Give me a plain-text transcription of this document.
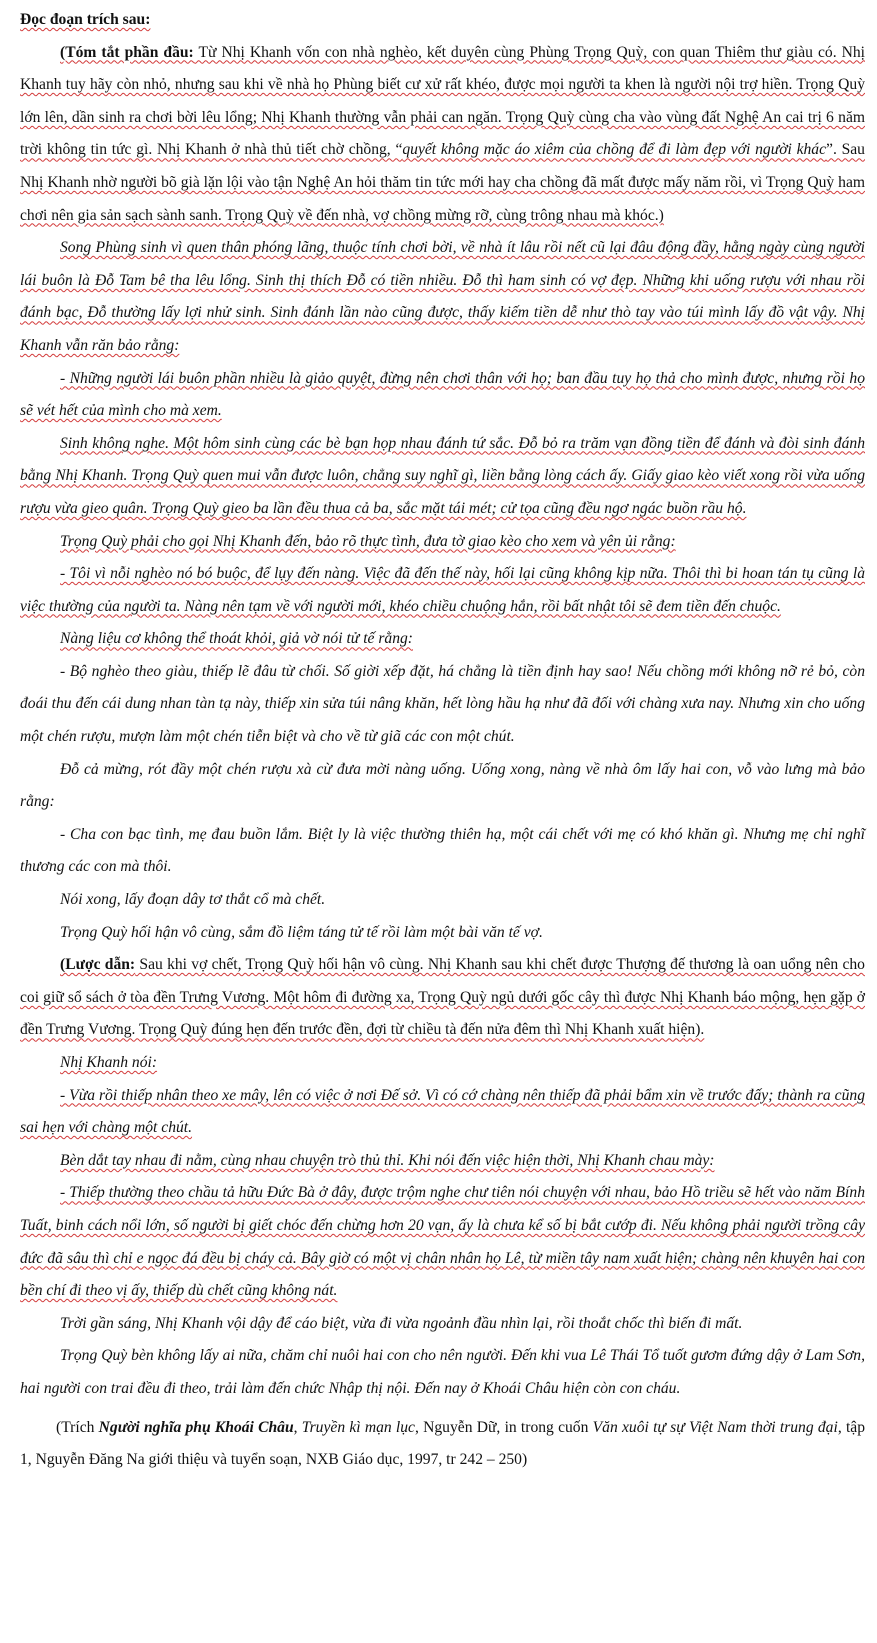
Đọc đoạn trích sau:

(Tóm tắt phần đầu: Từ Nhị Khanh vốn con nhà nghèo, kết duyên cùng Phùng Trọng Quỳ, con quan Thiêm thư giàu có. Nhị Khanh tuy hãy còn nhỏ, nhưng sau khi về nhà họ Phùng biết cư xử rất khéo, được mọi người ta khen là người nội trợ hiền. Trọng Quỳ lớn lên, dần sinh ra chơi bời lêu lổng; Nhị Khanh thường vẫn phải can ngăn. Trọng Quỳ cùng cha vào vùng đất Nghệ An cai trị 6 năm trời không tin tức gì. Nhị Khanh ở nhà thủ tiết chờ chồng, “quyết không mặc áo xiêm của chồng để đi làm đẹp với người khác”. Sau Nhị Khanh nhờ người bõ già lặn lội vào tận Nghệ An hỏi thăm tin tức mới hay cha chồng đã mất được mấy năm rồi, vì Trọng Quỳ ham chơi nên gia sản sạch sành sanh. Trọng Quỳ về đến nhà, vợ chồng mừng rỡ, cùng trông nhau mà khóc.)

Song Phùng sinh vì quen thân phóng lãng, thuộc tính chơi bời, về nhà ít lâu rồi nết cũ lại đâu động đầy, hằng ngày cùng người lái buôn là Đỗ Tam bê tha lêu lổng. Sinh thị thích Đỗ có tiền nhiều. Đỗ thì ham sinh có vợ đẹp. Những khi uống rượu với nhau rồi đánh bạc, Đỗ thường lấy lợi nhử sinh. Sinh đánh lần nào cũng được, thấy kiếm tiền dễ như thò tay vào túi mình lấy đồ vật vậy. Nhị Khanh vẫn răn bảo rằng:

- Những người lái buôn phần nhiều là giảo quyệt, đừng nên chơi thân với họ; ban đầu tuy họ thả cho mình được, nhưng rồi họ sẽ vét hết của mình cho mà xem.

Sinh không nghe. Một hôm sinh cùng các bè bạn họp nhau đánh tứ sắc. Đỗ bỏ ra trăm vạn đồng tiền để đánh và đòi sinh đánh bằng Nhị Khanh. Trọng Quỳ quen mui vẫn được luôn, chẳng suy nghĩ gì, liền bằng lòng cách ấy. Giấy giao kèo viết xong rồi vừa uống rượu vừa gieo quân. Trọng Quỳ gieo ba lần đều thua cả ba, sắc mặt tái mét; cử tọa cũng đều ngơ ngác buồn rầu hộ.

Trọng Quỳ phải cho gọi Nhị Khanh đến, bảo rõ thực tình, đưa tờ giao kèo cho xem và yên ủi rằng:

- Tôi vì nỗi nghèo nó bó buộc, để lụy đến nàng. Việc đã đến thế này, hối lại cũng không kịp nữa. Thôi thì bi hoan tán tụ cũng là việc thường của người ta. Nàng nên tạm về với người mới, khéo chiều chuộng hắn, rồi bất nhật tôi sẽ đem tiền đến chuộc.

Nàng liệu cơ không thể thoát khỏi, giả vờ nói tử tế rằng:

- Bộ nghèo theo giàu, thiếp lẽ đâu từ chối. Số giời xếp đặt, há chẳng là tiền định hay sao! Nếu chồng mới không nỡ rẻ bỏ, còn đoái thu đến cái dung nhan tàn tạ này, thiếp xin sửa túi nâng khăn, hết lòng hầu hạ như đã đối với chàng xưa nay. Nhưng xin cho uống một chén rượu, mượn làm một chén tiễn biệt và cho về từ giã các con một chút.

Đỗ cả mừng, rót đầy một chén rượu xà cừ đưa mời nàng uống. Uống xong, nàng về nhà ôm lấy hai con, vỗ vào lưng mà bảo rằng:

- Cha con bạc tình, mẹ đau buồn lắm. Biệt ly là việc thường thiên hạ, một cái chết với mẹ có khó khăn gì. Nhưng mẹ chỉ nghĩ thương các con mà thôi.

Nói xong, lấy đoạn dây tơ thắt cổ mà chết.

Trọng Quỳ hối hận vô cùng, sắm đồ liệm táng tử tế rồi làm một bài văn tế vợ.

(Lược dẫn: Sau khi vợ chết, Trọng Quỳ hối hận vô cùng. Nhị Khanh sau khi chết được Thượng đế thương là oan uổng nên cho coi giữ sổ sách ở tòa đền Trưng Vương. Một hôm đi đường xa, Trọng Quỳ ngủ dưới gốc cây thì được Nhị Khanh báo mộng, hẹn gặp ở đền Trưng Vương. Trọng Quỳ đúng hẹn đến trước đền, đợi từ chiều tà đến nửa đêm thì Nhị Khanh xuất hiện).

Nhị Khanh nói:

- Vừa rồi thiếp nhân theo xe mây, lên có việc ở nơi Đế sở. Vì có cớ chàng nên thiếp đã phải bẩm xin về trước đấy; thành ra cũng sai hẹn với chàng một chút.

Bèn dắt tay nhau đi nằm, cùng nhau chuyện trò thủ thỉ. Khi nói đến việc hiện thời, Nhị Khanh chau mày:

- Thiếp thường theo chầu tả hữu Đức Bà ở đây, được trộm nghe chư tiên nói chuyện với nhau, bảo Hồ triều sẽ hết vào năm Bính Tuất, binh cách nổi lớn, số người bị giết chóc đến chừng hơn 20 vạn, ấy là chưa kể số bị bắt cướp đi. Nếu không phải người trồng cây đức đã sâu thì chỉ e ngọc đá đều bị cháy cả. Bây giờ có một vị chân nhân họ Lê, từ miền tây nam xuất hiện; chàng nên khuyên hai con bền chí đi theo vị ấy, thiếp dù chết cũng không nát.

Trời gần sáng, Nhị Khanh vội dậy để cáo biệt, vừa đi vừa ngoảnh đầu nhìn lại, rồi thoắt chốc thì biến đi mất.

Trọng Quỳ bèn không lấy ai nữa, chăm chỉ nuôi hai con cho nên người. Đến khi vua Lê Thái Tổ tuốt gươm đứng dậy ở Lam Sơn, hai người con trai đều đi theo, trải làm đến chức Nhập thị nội. Đến nay ở Khoái Châu hiện còn con cháu.

(Trích Người nghĩa phụ Khoái Châu, Truyền kì mạn lục, Nguyễn Dữ, in trong cuốn Văn xuôi tự sự Việt Nam thời trung đại, tập 1, Nguyễn Đăng Na giới thiệu và tuyển soạn, NXB Giáo dục, 1997, tr 242 – 250)
